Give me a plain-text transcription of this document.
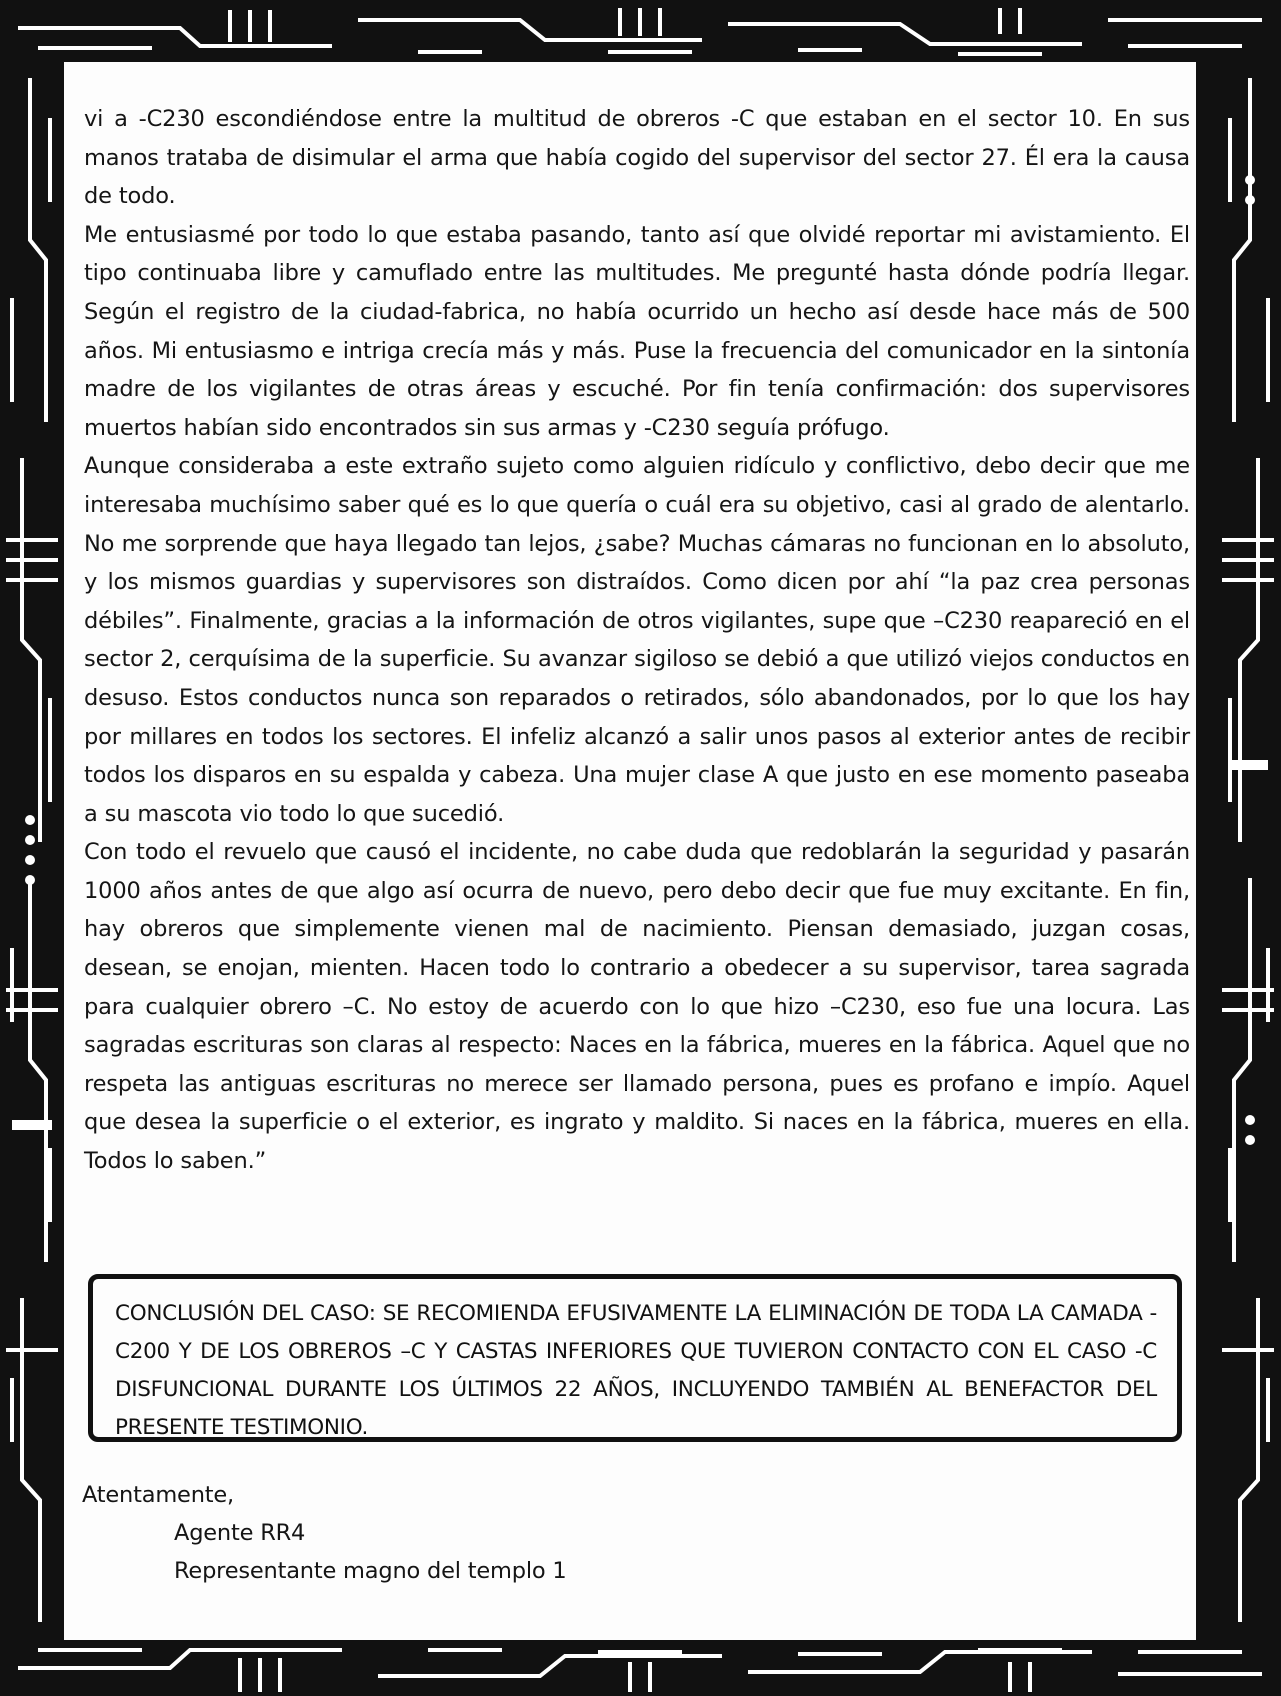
vi a -C230 escondiéndose entre la multitud de obreros -C que estaban en el sector 10. En sus manos trataba de disimular el arma que había cogido del supervisor del sector 27. Él era la causa de todo.

Me entusiasmé por todo lo que estaba pasando, tanto así que olvidé reportar mi avistamiento. El tipo continuaba libre y camuflado entre las multitudes. Me pregunté hasta dónde podría llegar. Según el registro de la ciudad-fabrica, no había ocurrido un hecho así desde hace más de 500 años. Mi entusiasmo e intriga crecía más y más. Puse la frecuencia del comunicador en la sintonía madre de los vigilantes de otras áreas y escuché. Por fin tenía confirmación: dos supervisores muertos habían sido encontrados sin sus armas y -C230 seguía prófugo.

Aunque consideraba a este extraño sujeto como alguien ridículo y conflictivo, debo decir que me interesaba muchísimo saber qué es lo que quería o cuál era su objetivo, casi al grado de alentarlo. No me sorprende que haya llegado tan lejos, ¿sabe? Muchas cámaras no funcionan en lo absoluto, y los mismos guardias y supervisores son distraídos. Como dicen por ahí “la paz crea personas débiles”. Finalmente, gracias a la información de otros vigilantes, supe que –C230 reapareció en el sector 2, cerquísima de la superficie. Su avanzar sigiloso se debió a que utilizó viejos conductos en desuso. Estos conductos nunca son reparados o retirados, sólo abandonados, por lo que los hay por millares en todos los sectores. El infeliz alcanzó a salir unos pasos al exterior antes de recibir todos los disparos en su espalda y cabeza. Una mujer clase A que justo en ese momento paseaba a su mascota vio todo lo que sucedió.

Con todo el revuelo que causó el incidente, no cabe duda que redoblarán la seguridad y pasarán 1000 años antes de que algo así ocurra de nuevo, pero debo decir que fue muy excitante. En fin, hay obreros que simplemente vienen mal de nacimiento. Piensan demasiado, juzgan cosas, desean, se enojan, mienten. Hacen todo lo contrario a obedecer a su supervisor, tarea sagrada para cualquier obrero –C. No estoy de acuerdo con lo que hizo –C230, eso fue una locura. Las sagradas escrituras son claras al respecto: Naces en la fábrica, mueres en la fábrica. Aquel que no respeta las antiguas escrituras no merece ser llamado persona, pues es profano e impío. Aquel que desea la superficie o el exterior, es ingrato y maldito. Si naces en la fábrica, mueres en ella. Todos lo saben.”

CONCLUSIÓN DEL CASO: SE RECOMIENDA EFUSIVAMENTE LA ELIMINACIÓN DE TODA LA CAMADA -C200 Y DE LOS OBREROS –C Y CASTAS INFERIORES QUE TUVIERON CONTACTO CON EL CASO -C DISFUNCIONAL DURANTE LOS ÚLTIMOS 22 AÑOS, INCLUYENDO TAMBIÉN AL BENEFACTOR DEL PRESENTE TESTIMONIO.
Atentamente,
Agente RR4
Representante magno del templo 1
